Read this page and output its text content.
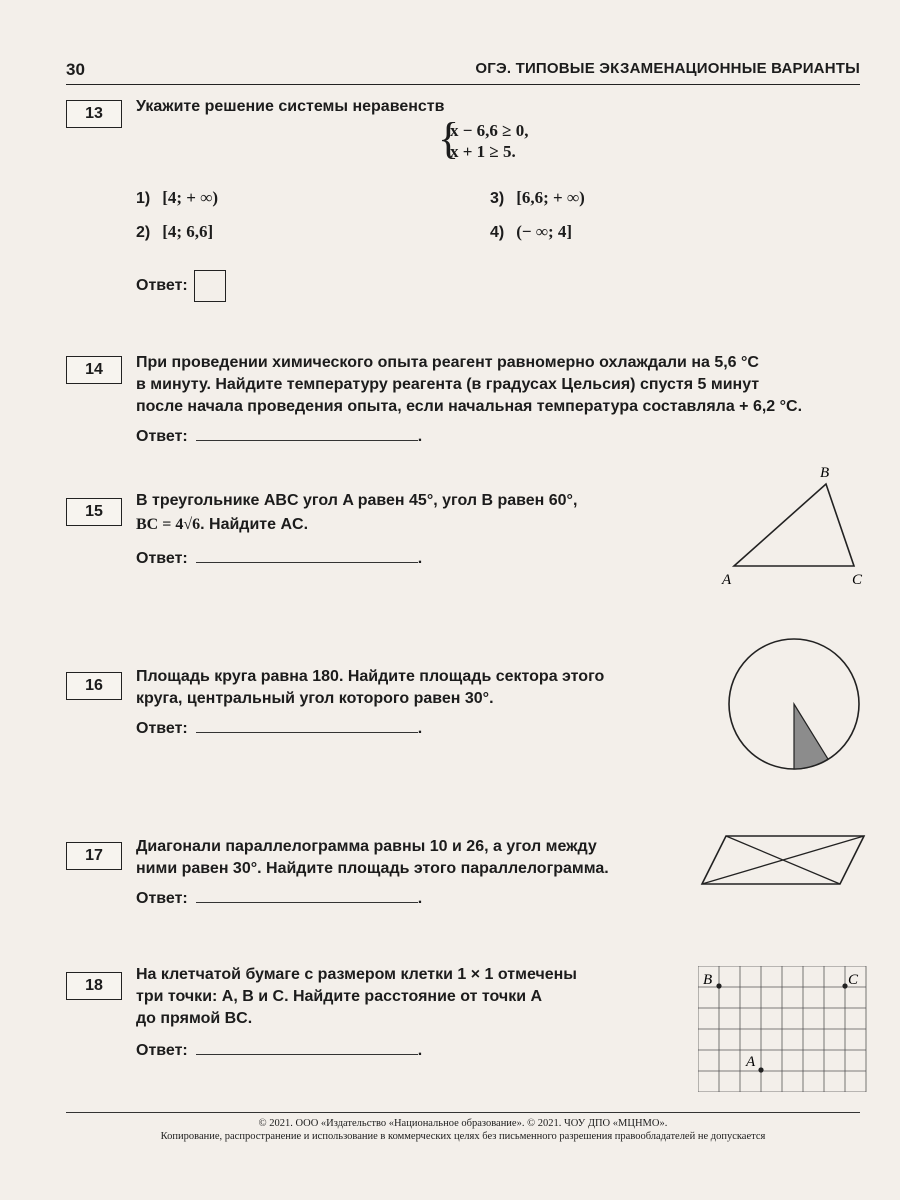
30	ОГЭ. ТИПОВЫЕ ЭКЗАМЕНАЦИОННЫЕ ВАРИАНТЫ
13	Укажите решение системы неравенств
{
x − 6,6 ≥ 0,
x + 1 ≥ 5.
1) [4; + ∞)
2) [4; 6,6]
3) [6,6; + ∞)
4) (− ∞; 4]
Ответ:
14	При проведении химического опыта реагент равномерно охлаждали на 5,6 °С
в минуту. Найдите температуру реагента (в градусах Цельсия) спустя 5 минут
после начала проведения опыта, если начальная температура составляла + 6,2 °С.
Ответ:	.
15
В треугольнике ABC угол A равен 45°, угол B равен 60°,
BC = 4√6. Найдите AC.
Ответ:	.
B
A	C
16
Площадь круга равна 180. Найдите площадь сектора этого
круга, центральный угол которого равен 30°.
Ответ:	.
17
Диагонали параллелограмма равны 10 и 26, а угол между
ними равен 30°. Найдите площадь этого параллелограмма.
Ответ:	.
18
На клетчатой бумаге с размером клетки 1 × 1 отмечены
три точки: A, B и C. Найдите расстояние от точки A
до прямой BC.
Ответ:	.
B	C
A
© 2021. ООО «Издательство «Национальное образование». © 2021. ЧОУ ДПО «МЦНМО».
Копирование, распространение и использование в коммерческих целях без письменного разрешения правообладателей не допускается
